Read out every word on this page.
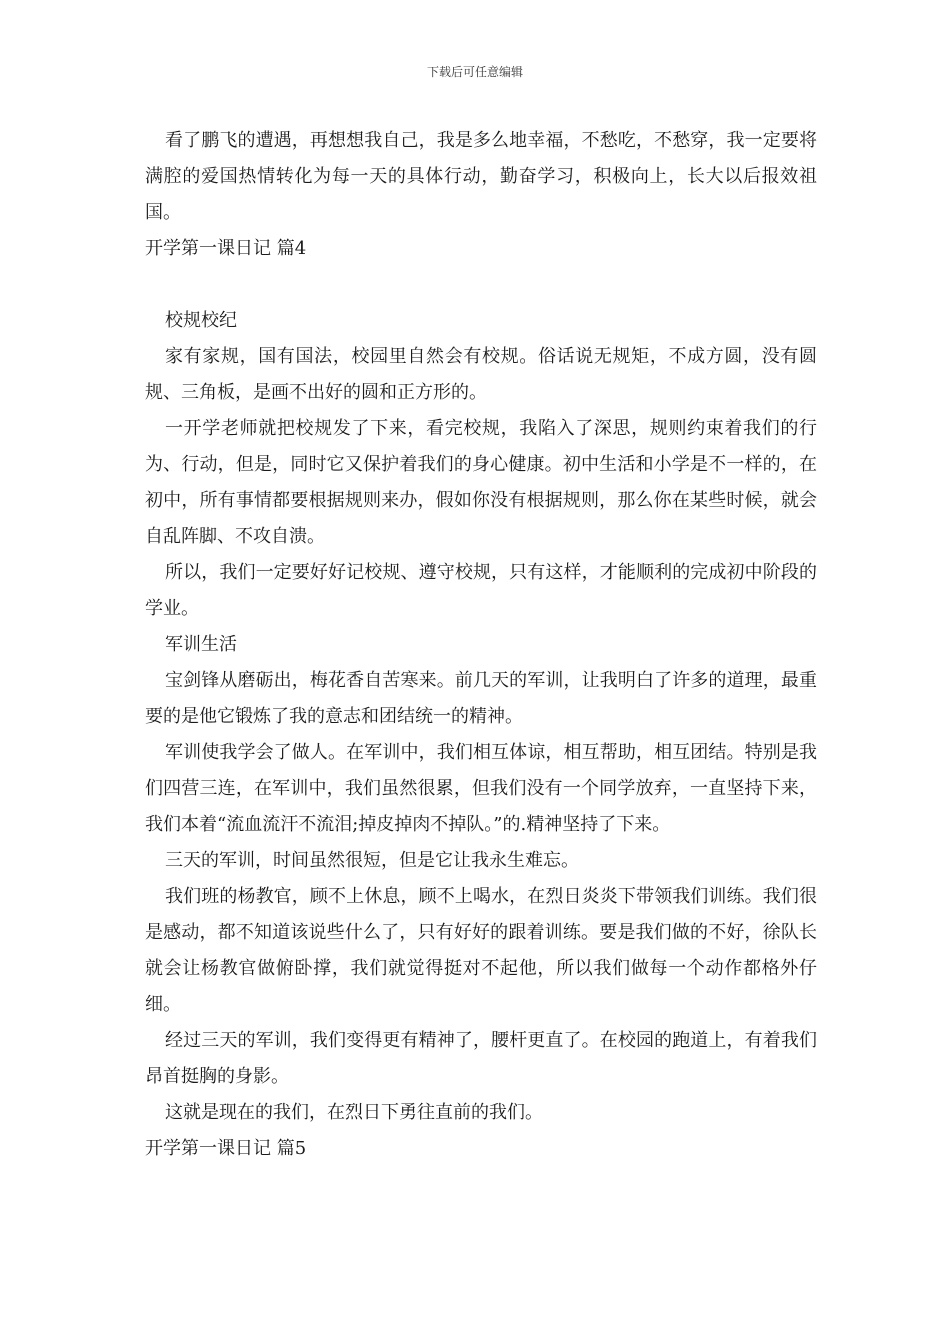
下载后可任意编辑

看了鹏飞的遭遇，再想想我自己，我是多么地幸福，不愁吃，不愁穿，我一定要将满腔的爱国热情转化为每一天的具体行动，勤奋学习，积极向上，长大以后报效祖国。

开学第一课日记 篇4

校规校纪

家有家规，国有国法，校园里自然会有校规。俗话说无规矩，不成方圆，没有圆规、三角板，是画不出好的圆和正方形的。

一开学老师就把校规发了下来，看完校规，我陷入了深思，规则约束着我们的行为、行动，但是，同时它又保护着我们的身心健康。初中生活和小学是不一样的，在初中，所有事情都要根据规则来办，假如你没有根据规则，那么你在某些时候，就会自乱阵脚、不攻自溃。

所以，我们一定要好好记校规、遵守校规，只有这样，才能顺利的完成初中阶段的学业。

军训生活

宝剑锋从磨砺出，梅花香自苦寒来。前几天的军训，让我明白了许多的道理，最重要的是他它锻炼了我的意志和团结统一的精神。

军训使我学会了做人。在军训中，我们相互体谅，相互帮助，相互团结。特别是我们四营三连，在军训中，我们虽然很累，但我们没有一个同学放弃，一直坚持下来，我们本着“流血流汗不流泪;掉皮掉肉不掉队。”的.精神坚持了下来。

三天的军训，时间虽然很短，但是它让我永生难忘。

我们班的杨教官，顾不上休息，顾不上喝水，在烈日炎炎下带领我们训练。我们很是感动，都不知道该说些什么了，只有好好的跟着训练。要是我们做的不好，徐队长就会让杨教官做俯卧撑，我们就觉得挺对不起他，所以我们做每一个动作都格外仔细。

经过三天的军训，我们变得更有精神了，腰杆更直了。在校园的跑道上，有着我们昂首挺胸的身影。

这就是现在的我们，在烈日下勇往直前的我们。

开学第一课日记 篇5
